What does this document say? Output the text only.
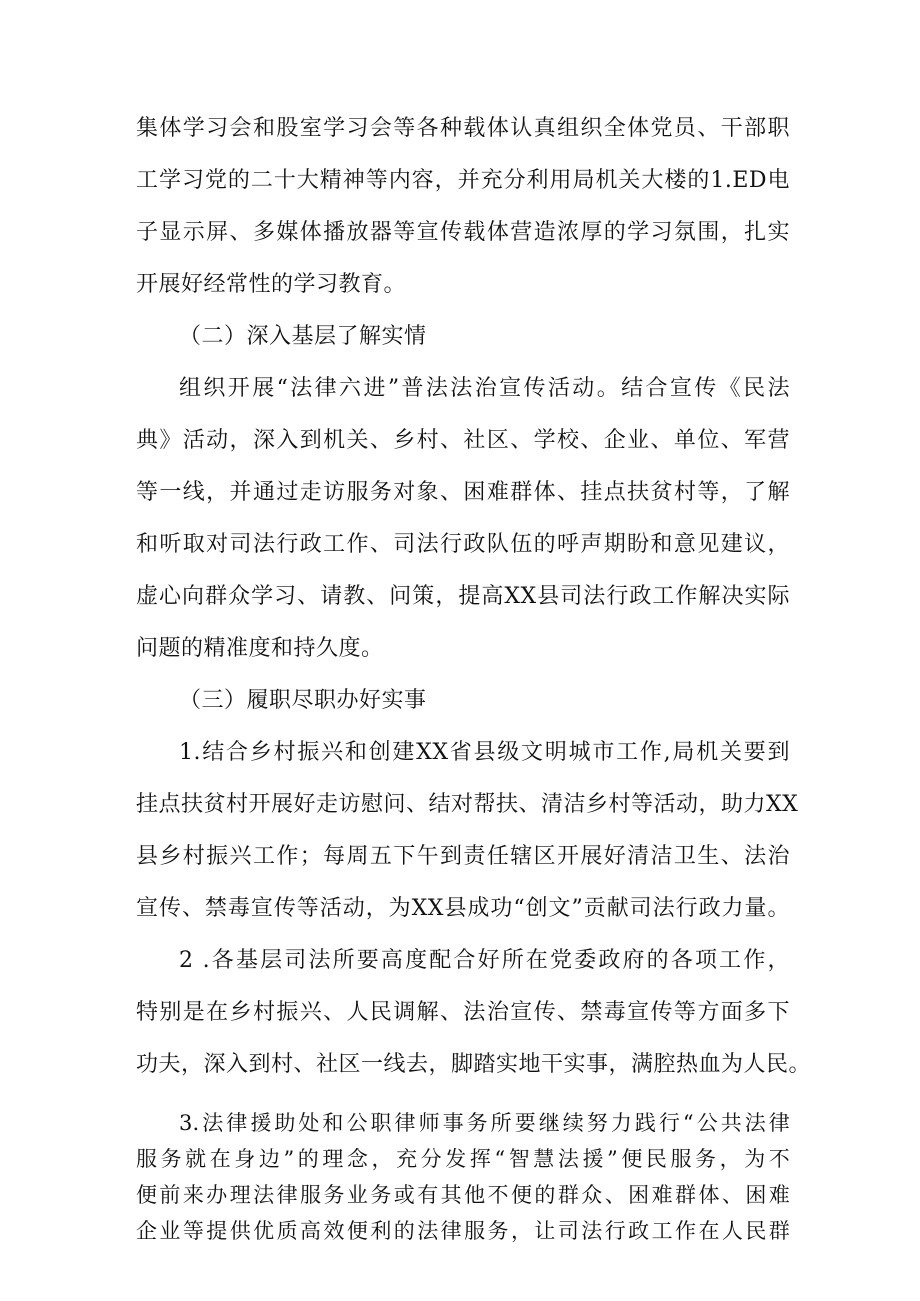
集体学习会和股室学习会等各种载体认真组织全体党员、干部职
工学习党的二十大精神等内容，并充分利用局机关大楼的1.ED电
子显示屏、多媒体播放器等宣传载体营造浓厚的学习氛围，扎实
开展好经常性的学习教育。
（二）深入基层了解实情
组织开展“法律六进”普法法治宣传活动。结合宣传《民法
典》活动，深入到机关、乡村、社区、学校、企业、单位、军营
等一线，并通过走访服务对象、困难群体、挂点扶贫村等，了解
和听取对司法行政工作、司法行政队伍的呼声期盼和意见建议，
虚心向群众学习、请教、问策，提高XX县司法行政工作解决实际
问题的精准度和持久度。
（三）履职尽职办好实事
1.结合乡村振兴和创建XX省县级文明城市工作,局机关要到
挂点扶贫村开展好走访慰问、结对帮扶、清洁乡村等活动，助力XX
县乡村振兴工作；每周五下午到责任辖区开展好清洁卫生、法治
宣传、禁毒宣传等活动，为XX县成功“创文”贡献司法行政力量。
2 .各基层司法所要高度配合好所在党委政府的各项工作，
特别是在乡村振兴、人民调解、法治宣传、禁毒宣传等方面多下
功夫，深入到村、社区一线去，脚踏实地干实事，满腔热血为人民。
3.法律援助处和公职律师事务所要继续努力践行“公共法律
服务就在身边”的理念，充分发挥“智慧法援”便民服务，为不
便前来办理法律服务业务或有其他不便的群众、困难群体、困难
企业等提供优质高效便利的法律服务，让司法行政工作在人民群
